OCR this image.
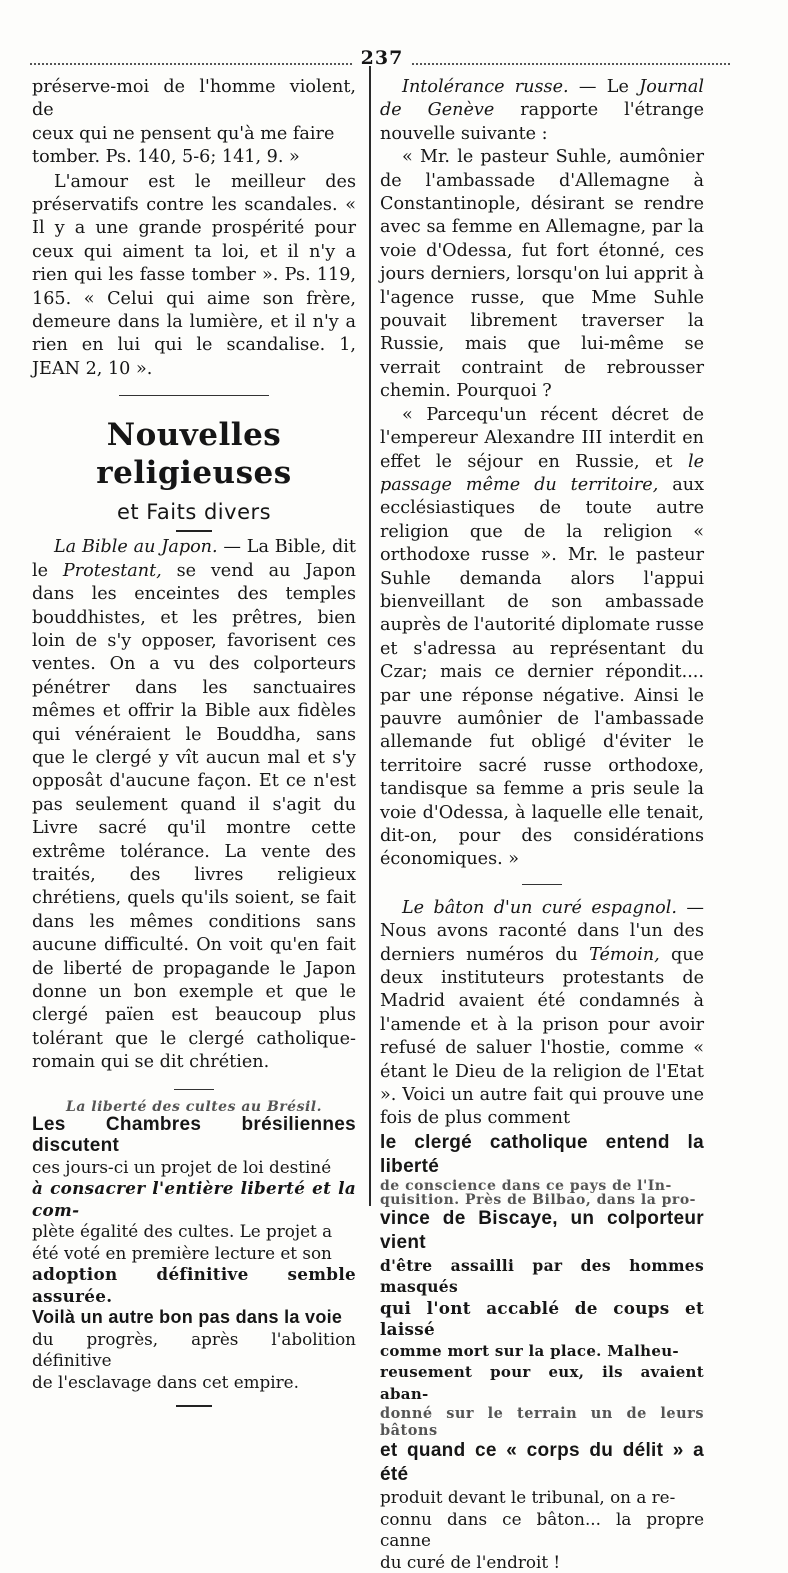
237

préserve-moi de l'homme violent, de

ceux qui ne pensent qu'à me faire

tomber. Ps. 140, 5-6; 141, 9. »

L'amour est le meilleur des préservatifs contre les scandales. « Il y a une grande prospérité pour ceux qui aiment ta loi, et il n'y a rien qui les fasse tomber ». Ps. 119, 165. « Celui qui aime son frère, demeure dans la lumière, et il n'y a rien en lui qui le scandalise. 1, JEAN 2, 10 ».

Nouvelles religieuses
et Faits divers

La Bible au Japon. — La Bible, dit le Protestant, se vend au Japon dans les enceintes des temples bouddhistes, et les prêtres, bien loin de s'y opposer, favorisent ces ventes. On a vu des colporteurs pénétrer dans les sanctuaires mêmes et offrir la Bible aux fidèles qui vénéraient le Bouddha, sans que le clergé y vît aucun mal et s'y opposât d'aucune façon. Et ce n'est pas seulement quand il s'agit du Livre sacré qu'il montre cette extrême tolérance. La vente des traités, des livres religieux chrétiens, quels qu'ils soient, se fait dans les mêmes conditions sans aucune difficulté. On voit qu'en fait de liberté de propagande le Japon donne un bon exemple et que le clergé païen est beaucoup plus tolérant que le clergé catholique-romain qui se dit chrétien.

La liberté des cultes au Brésil.

Les Chambres brésiliennes discutent

ces jours-ci un projet de loi destiné

à consacrer l'entière liberté et la com-

plète égalité des cultes. Le projet a

été voté en première lecture et son

adoption définitive semble assurée.

Voilà un autre bon pas dans la voie

du progrès, après l'abolition définitive

de l'esclavage dans cet empire.

Intolérance russe. — Le Journal de Genève rapporte l'étrange nouvelle suivante :

« Mr. le pasteur Suhle, aumônier de l'ambassade d'Allemagne à Constantinople, désirant se rendre avec sa femme en Allemagne, par la voie d'Odessa, fut fort étonné, ces jours derniers, lorsqu'on lui apprit à l'agence russe, que Mme Suhle pouvait librement traverser la Russie, mais que lui-même se verrait contraint de rebrousser chemin. Pourquoi ?

« Parcequ'un récent décret de l'empereur Alexandre III interdit en effet le séjour en Russie, et le passage même du territoire, aux ecclésiastiques de toute autre religion que de la religion « orthodoxe russe ». Mr. le pasteur Suhle demanda alors l'appui bienveillant de son ambassade auprès de l'autorité diplomate russe et s'adressa au représentant du Czar; mais ce dernier répondit.... par une réponse négative. Ainsi le pauvre aumônier de l'ambassade allemande fut obligé d'éviter le territoire sacré russe orthodoxe, tandisque sa femme a pris seule la voie d'Odessa, à laquelle elle tenait, dit-on, pour des considérations économiques. »

Le bâton d'un curé espagnol. — Nous avons raconté dans l'un des derniers numéros du Témoin, que deux instituteurs protestants de Madrid avaient été condamnés à l'amende et à la prison pour avoir refusé de saluer l'hostie, comme « étant le Dieu de la religion de l'Etat ». Voici un autre fait qui prouve une fois de plus comment

le clergé catholique entend la liberté

de conscience dans ce pays de l'In-

quisition. Près de Bilbao, dans la pro-

vince de Biscaye, un colporteur vient

d'être assailli par des hommes masqués

qui l'ont accablé de coups et laissé

comme mort sur la place. Malheu-

reusement pour eux, ils avaient aban-

donné sur le terrain un de leurs bâtons

et quand ce « corps du délit » a été

produit devant le tribunal, on a re-

connu dans ce bâton... la propre canne

du curé de l'endroit !
